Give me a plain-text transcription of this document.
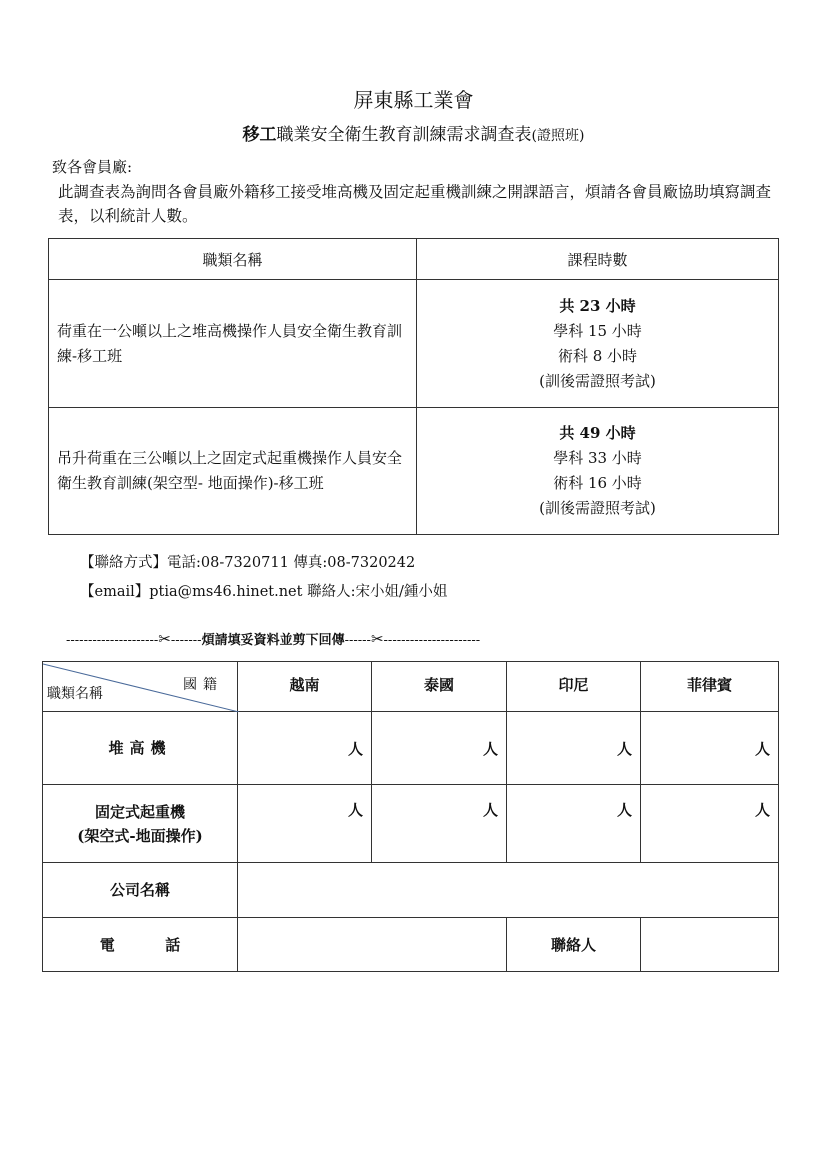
屏東縣工業會
移工職業安全衛生教育訓練需求調查表(證照班)
致各會員廠:
此調查表為詢問各會員廠外籍移工接受堆高機及固定起重機訓練之開課語言，煩請各會員廠協助填寫調查表，以利統計人數。
職類名稱	課程時數
荷重在一公噸以上之堆高機操作人員安全衛生教育訓練-移工班	共 23 小時
學科 15 小時
術科 8 小時
(訓後需證照考試)

吊升荷重在三公噸以上之固定式起重機操作人員安全衛生教育訓練(架空型- 地面操作)-移工班	共 49 小時
學科 33 小時
術科 16 小時
(訓後需證照考試)
【聯絡方式】電話:08-7320711 傳真:08-7320242
【email】ptia@ms46.hinet.net 聯絡人:宋小姐/鍾小姐
---------------------✂-------煩請填妥資料並剪下回傳------✂----------------------
國籍
職類名稱	越南	泰國	印尼	菲律賓
堆高機	人	人	人	人

固定式起重機
(架空式-地面操作)	人	人	人	人
公司名稱				
電 話			聯絡人	
